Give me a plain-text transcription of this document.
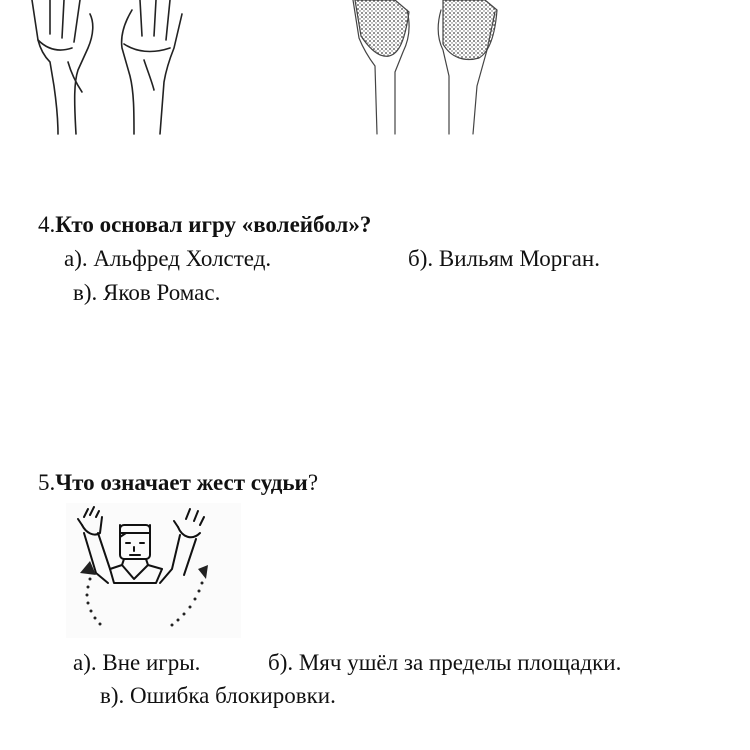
4.Кто основал игру «волейбол»?
а). Альфред Холстед.	б). Вильям Морган.
в). Яков Ромас.
5.Что означает жест судьи?
а). Вне игры.	б). Мяч ушёл за пределы площадки.
в). Ошибка блокировки.
